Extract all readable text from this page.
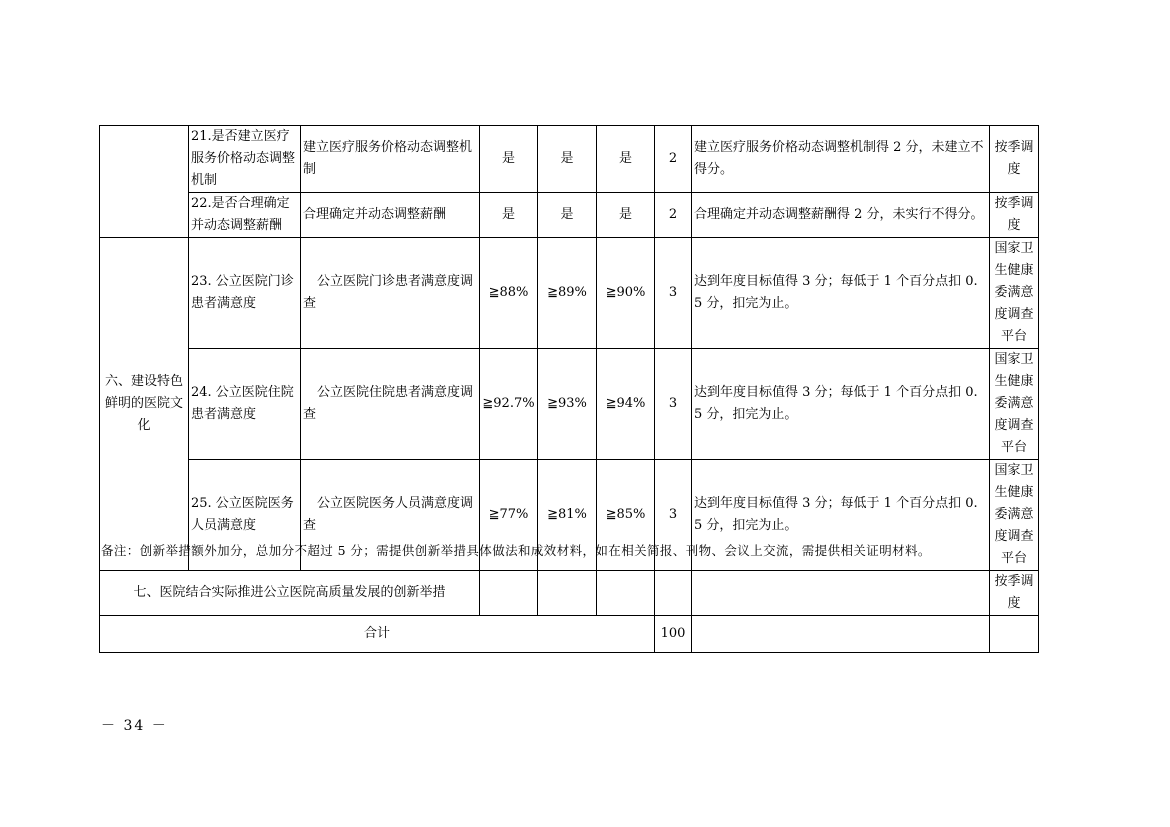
	21.是否建立医疗服务价格动态调整机制	建立医疗服务价格动态调整机制	是	是	是	2	建立医疗服务价格动态调整机制得 2 分，未建立不得分。	按季调度
	22.是否合理确定并动态调整薪酬	合理确定并动态调整薪酬	是	是	是	2	合理确定并动态调整薪酬得 2 分，未实行不得分。	按季调度
六、建设特色鲜明的医院文化	23. 公立医院门诊患者满意度	公立医院门诊患者满意度调查	≧88%	≧89%	≧90%	3	达到年度目标值得 3 分；每低于 1 个百分点扣 0. 5 分，扣完为止。	国家卫生健康委满意度调查平台
	24. 公立医院住院患者满意度	公立医院住院患者满意度调查	≧92.7%	≧93%	≧94%	3	达到年度目标值得 3 分；每低于 1 个百分点扣 0. 5 分，扣完为止。	国家卫生健康委满意度调查平台
	25. 公立医院医务人员满意度	公立医院医务人员满意度调查	≧77%	≧81%	≧85%	3	达到年度目标值得 3 分；每低于 1 个百分点扣 0. 5 分，扣完为止。	国家卫生健康委满意度调查平台
七、医院结合实际推进公立医院高质量发展的创新举措								按季调度
合计						100		
备注：创新举措额外加分，总加分不超过 5 分；需提供创新举措具体做法和成效材料，如在相关简报、刊物、会议上交流，需提供相关证明材料。
－ 34 －
